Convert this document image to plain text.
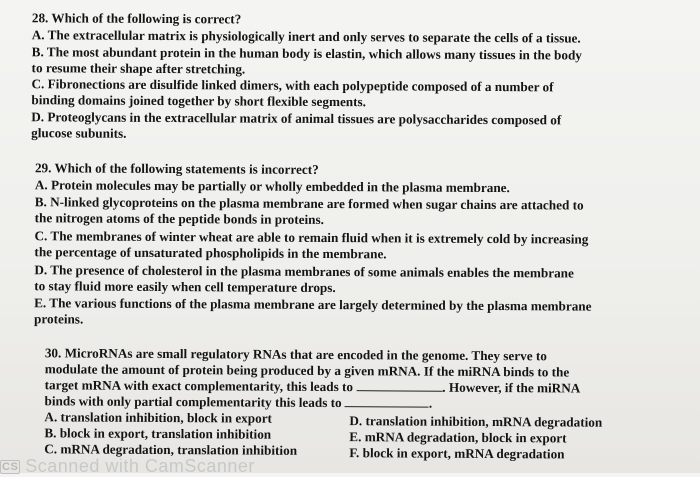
28. Which of the following is correct?
A. The extracellular matrix is physiologically inert and only serves to separate the cells of a tissue.
B. The most abundant protein in the human body is elastin, which allows many tissues in the body
to resume their shape after stretching.
C. Fibronections are disulfide linked dimers, with each polypeptide composed of a number of
binding domains joined together by short flexible segments.
D. Proteoglycans in the extracellular matrix of animal tissues are polysaccharides composed of
glucose subunits.
29. Which of the following statements is incorrect?
A. Protein molecules may be partially or wholly embedded in the plasma membrane.
B. N-linked glycoproteins on the plasma membrane are formed when sugar chains are attached to
the nitrogen atoms of the peptide bonds in proteins.
C. The membranes of winter wheat are able to remain fluid when it is extremely cold by increasing
the percentage of unsaturated phospholipids in the membrane.
D. The presence of cholesterol in the plasma membranes of some animals enables the membrane
to stay fluid more easily when cell temperature drops.
E. The various functions of the plasma membrane are largely determined by the plasma membrane
proteins.
30. MicroRNAs are small regulatory RNAs that are encoded in the genome. They serve to
modulate the amount of protein being produced by a given mRNA. If the miRNA binds to the
target mRNA with exact complementarity, this leads to	. However, if the miRNA
binds with only partial complementarity this leads to	.
A. translation inhibition, block in export
B. block in export, translation inhibition
C. mRNA degradation, translation inhibition
D. translation inhibition, mRNA degradation
E. mRNA degradation, block in export
F. block in export, mRNA degradation
CS Scanned with CamScanner
